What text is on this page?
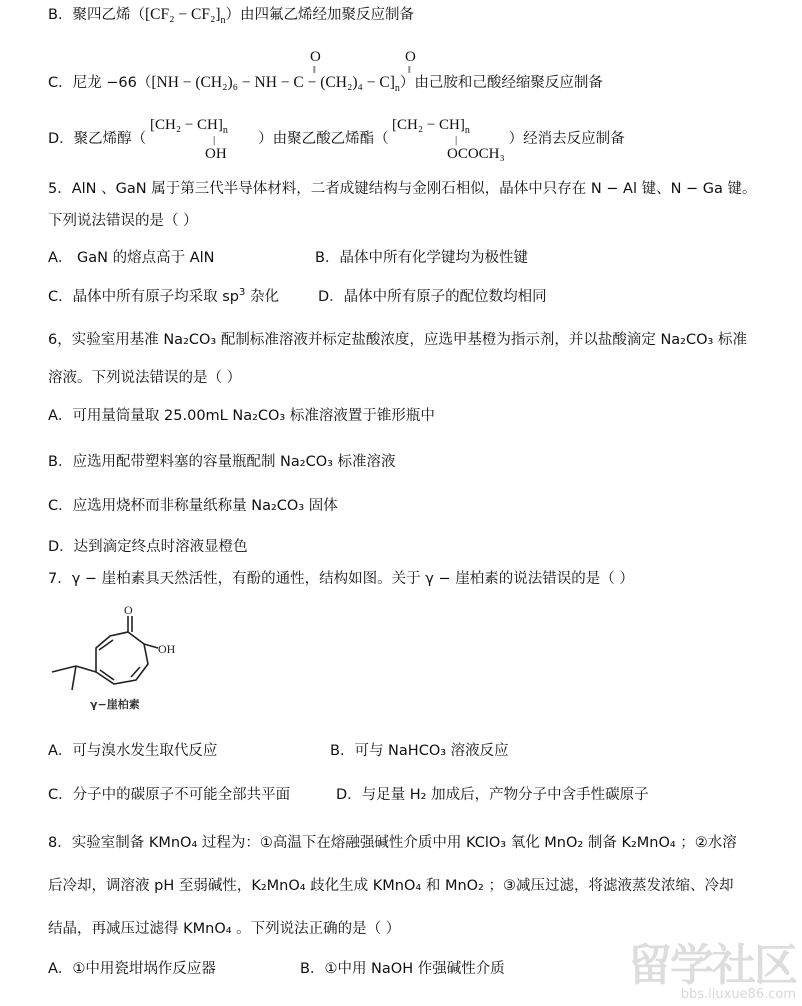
B．聚四乙烯$([CF_2 - CF_2]_n)$由四氟乙烯经加聚反应制备
O	O
‖	‖
C．尼龙 −66（[NH − (CH₂)₆ − NH − $C - (CH_2)_4 - C]_n$）由己胺和己酸经缩聚反应制备
D．聚乙烯醇（	）由聚乙酸乙烯酯（	）经消去反应制备
$[CH_2 - CH]_n$
|
OH
$[CH_2 - CH]_n$
|
OCOCH₃
5．AlN 、GaN 属于第三代半导体材料，二者成键结构与金刚石相似，晶体中只存在 N − Al 键、N − Ga 键。
下列说法错误的是（ ）
A． GaN 的熔点高于 AlN	B．晶体中所有化学键均为极性键
C．晶体中所有原子均采取 $sp^3$ 杂化	D．晶体中所有原子的配位数均相同
6，实验室用基准 Na₂CO₃ 配制标准溶液并标定盐酸浓度，应选甲基橙为指示剂，并以盐酸滴定 Na₂CO₃ 标准
溶液。下列说法错误的是（ ）
A．可用量筒量取 25.00mL Na₂CO₃ 标准溶液置于锥形瓶中
B．应选用配带塑料塞的容量瓶配制 Na₂CO₃ 标准溶液
C．应选用烧杯而非称量纸称量 Na₂CO₃ 固体
D．达到滴定终点时溶液显橙色
7．γ − 崖柏素具天然活性，有酚的通性，结构如图。关于 γ − 崖柏素的说法错误的是（ ）
O
OH
γ−崖柏素
A．可与溴水发生取代反应	B．可与 NaHCO₃ 溶液反应
C．分子中的碳原子不可能全部共平面	D．与足量 H₂ 加成后，产物分子中含手性碳原子
8．实验室制备 KMnO₄ 过程为：①高温下在熔融强碱性介质中用 KClO₃ 氧化 MnO₂ 制备 K₂MnO₄ ；②水溶
后冷却，调溶液 pH 至弱碱性，K₂MnO₄ 歧化生成 KMnO₄ 和 MnO₂ ；③减压过滤，将滤液蒸发浓缩、冷却
结晶，再减压过滤得 KMnO₄ 。下列说法正确的是（ ）
A．①中用瓷坩埚作反应器	B．①中用 NaOH 作强碱性介质	留学社区
bbs.liuxue86.com
